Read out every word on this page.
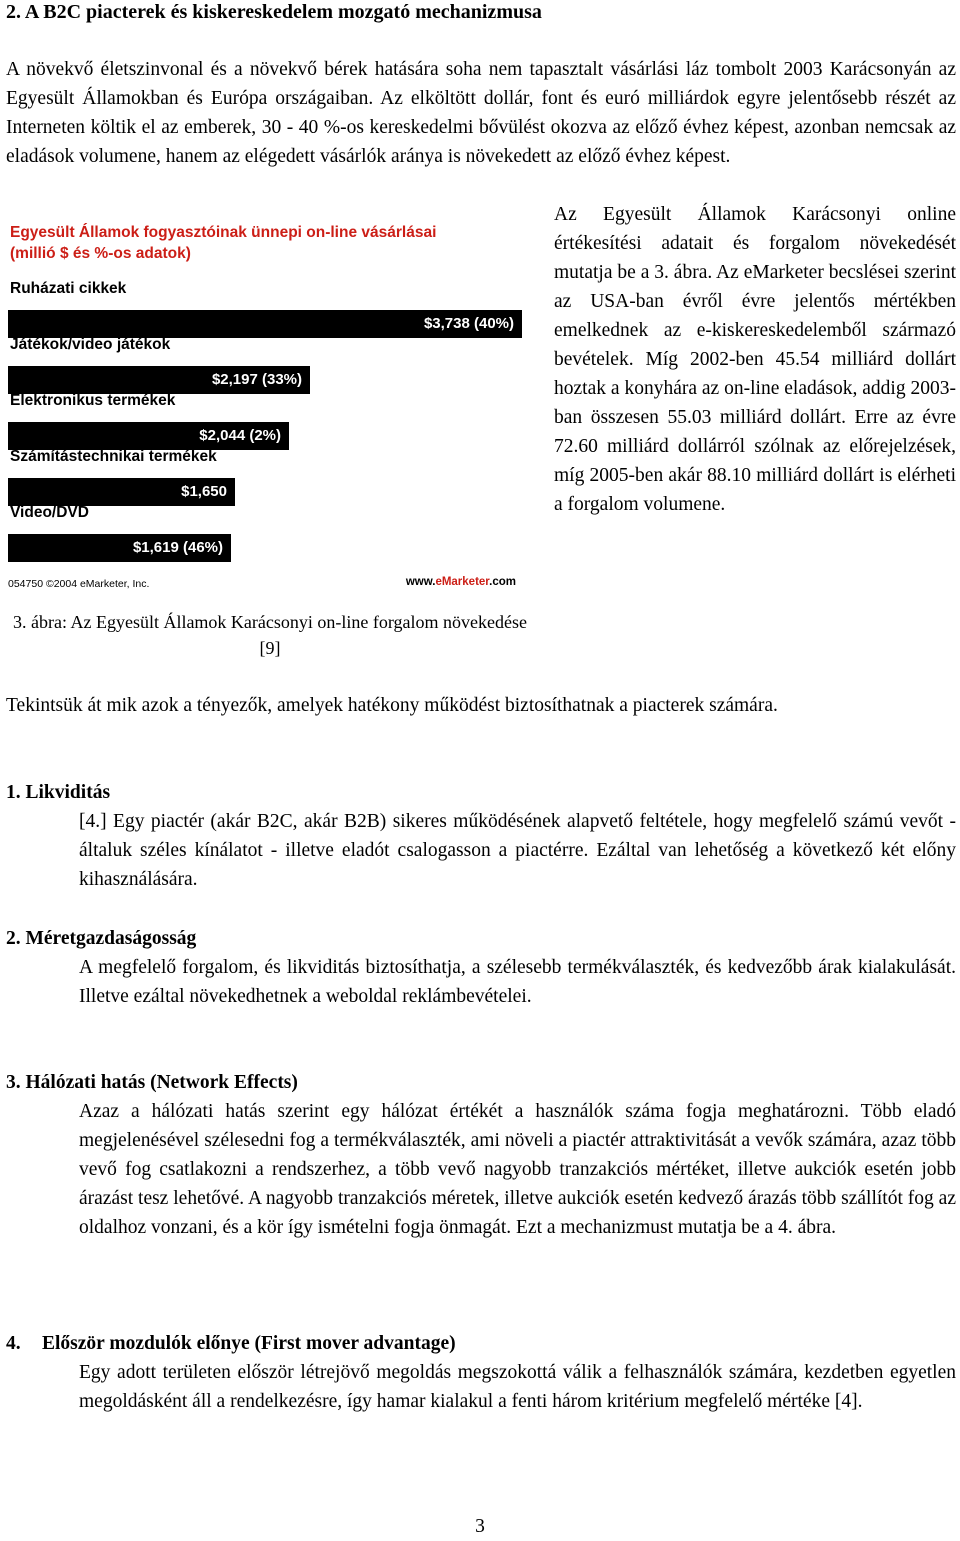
2. A B2C piacterek és kiskereskedelem mozgató mechanizmusa
A növekvő életszinvonal és a növekvő bérek hatására soha nem tapasztalt vásárlási láz tombolt 2003 Karácsonyán az Egyesült Államokban és Európa országaiban. Az elköltött dollár, font és euró milliárdok egyre jelentősebb részét az Interneten költik el az emberek, 30 - 40 %-os kereskedelmi bővülést okozva az előző évhez képest, azonban nemcsak az eladások volumene, hanem az elégedett vásárlók aránya is növekedett az előző évhez képest.
Egyesült Államok fogyasztóinak ünnepi on-line vásárlásai (millió $ és %-os adatok)
054750 ©2004 eMarketer, Inc.	www.eMarketer.com
Ruházati cikkek
$3,738 (40%)
Játékok/video játékok
$2,197 (33%)
Elektronikus termékek
$2,044 (2%)
Számítástechnikai termékek
$1,650
Video/DVD
$1,619 (46%)
3. ábra: Az Egyesült Államok Karácsonyi on-line forgalom növekedése [9]
Az Egyesült Államok Karácsonyi online értékesítési adatait és forgalom növekedését mutatja be a 3. ábra. Az eMarketer becslései szerint az USA-ban évről évre jelentős mértékben emelkednek az e-kiskereskedelemből származó bevételek. Míg 2002-ben 45.54 milliárd dollárt hoztak a konyhára az on-line eladások, addig 2003-ban összesen 55.03 milliárd dollárt. Erre az évre 72.60 milliárd dollárról szólnak az előrejelzések, míg 2005-ben akár 88.10 milliárd dollárt is elérheti a forgalom volumene.
Tekintsük át mik azok a tényezők, amelyek hatékony működést biztosíthatnak a piacterek számára.
1. Likviditás
[4.] Egy piactér (akár B2C, akár B2B) sikeres működésének alapvető feltétele, hogy megfelelő számú vevőt - általuk széles kínálatot - illetve eladót csalogasson a piactérre. Ezáltal van lehetőség a következő két előny kihasználására.
2. Méretgazdaságosság
A megfelelő forgalom, és likviditás biztosíthatja, a szélesebb termékválaszték, és kedvezőbb árak kialakulását. Illetve ezáltal növekedhetnek a weboldal reklámbevételei.
3. Hálózati hatás (Network Effects)
Azaz a hálózati hatás szerint egy hálózat értékét a használók száma fogja meghatározni. Több eladó megjelenésével szélesedni fog a termékválaszték, ami növeli a piactér attraktivitását a vevők számára, azaz több vevő fog csatlakozni a rendszerhez, a több vevő nagyobb tranzakciós mértéket, illetve aukciók esetén jobb árazást tesz lehetővé. A nagyobb tranzakciós méretek, illetve aukciók esetén kedvező árazás több szállítót fog az oldalhoz vonzani, és a kör így ismételni fogja önmagát. Ezt a mechanizmust mutatja be a 4. ábra.
4.	Először mozdulók előnye (First mover advantage)
Egy adott területen először létrejövő megoldás megszokottá válik a felhasználók számára, kezdetben egyetlen megoldásként áll a rendelkezésre, így hamar kialakul a fenti három kritérium megfelelő mértéke [4].
3
